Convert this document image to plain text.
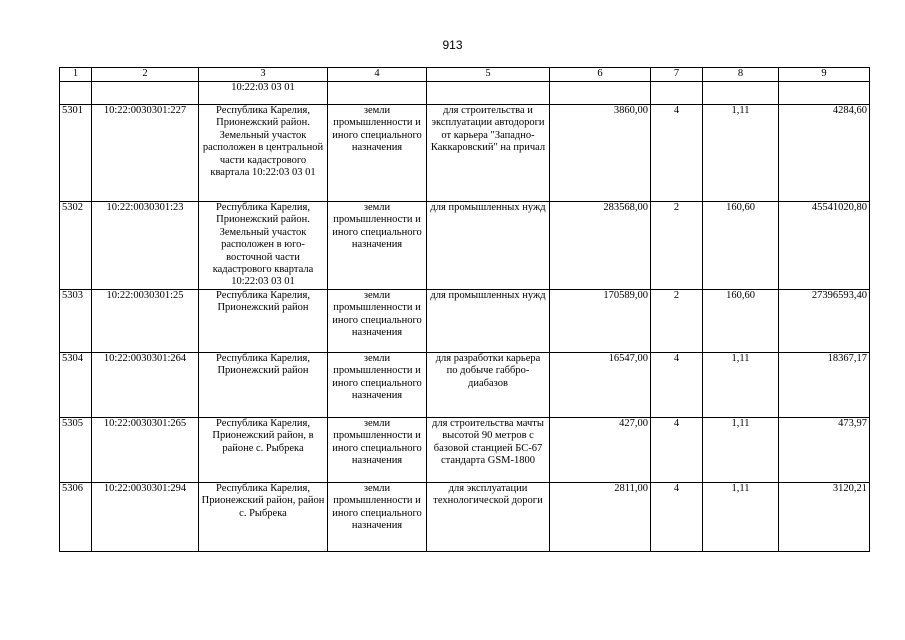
913
1	2	3	4	5	6	7	8	9
		10:22:03 03 01						
5301	10:22:0030301:227	Республика Карелия, Прионежский район. Земельный участок расположен в центральной части кадастрового квартала 10:22:03 03 01	земли промышленности и иного специального назначения	для строительства и эксплуатации автодороги от карьера "Западно-Каккаровский" на причал	3860,00	4	1,11	4284,60
5302	10:22:0030301:23	Республика Карелия, Прионежский район. Земельный участок расположен в юго-восточной части кадастрового квартала 10:22:03 03 01	земли промышленности и иного специального назначения	для промышленных нужд	283568,00	2	160,60	45541020,80
5303	10:22:0030301:25	Республика Карелия, Прионежский район	земли промышленности и иного специального назначения	для промышленных нужд	170589,00	2	160,60	27396593,40
5304	10:22:0030301:264	Республика Карелия, Прионежский район	земли промышленности и иного специального назначения	для разработки карьера по добыче габбро-диабазов	16547,00	4	1,11	18367,17
5305	10:22:0030301:265	Республика Карелия, Прионежский район, в районе с. Рыбрека	земли промышленности и иного специального назначения	для строительства мачты высотой 90 метров с базовой станцией БС-67 стандарта GSM-1800	427,00	4	1,11	473,97
5306	10:22:0030301:294	Республика Карелия, Прионежский район, район с. Рыбрека	земли промышленности и иного специального назначения	для эксплуатации технологической дороги	2811,00	4	1,11	3120,21
